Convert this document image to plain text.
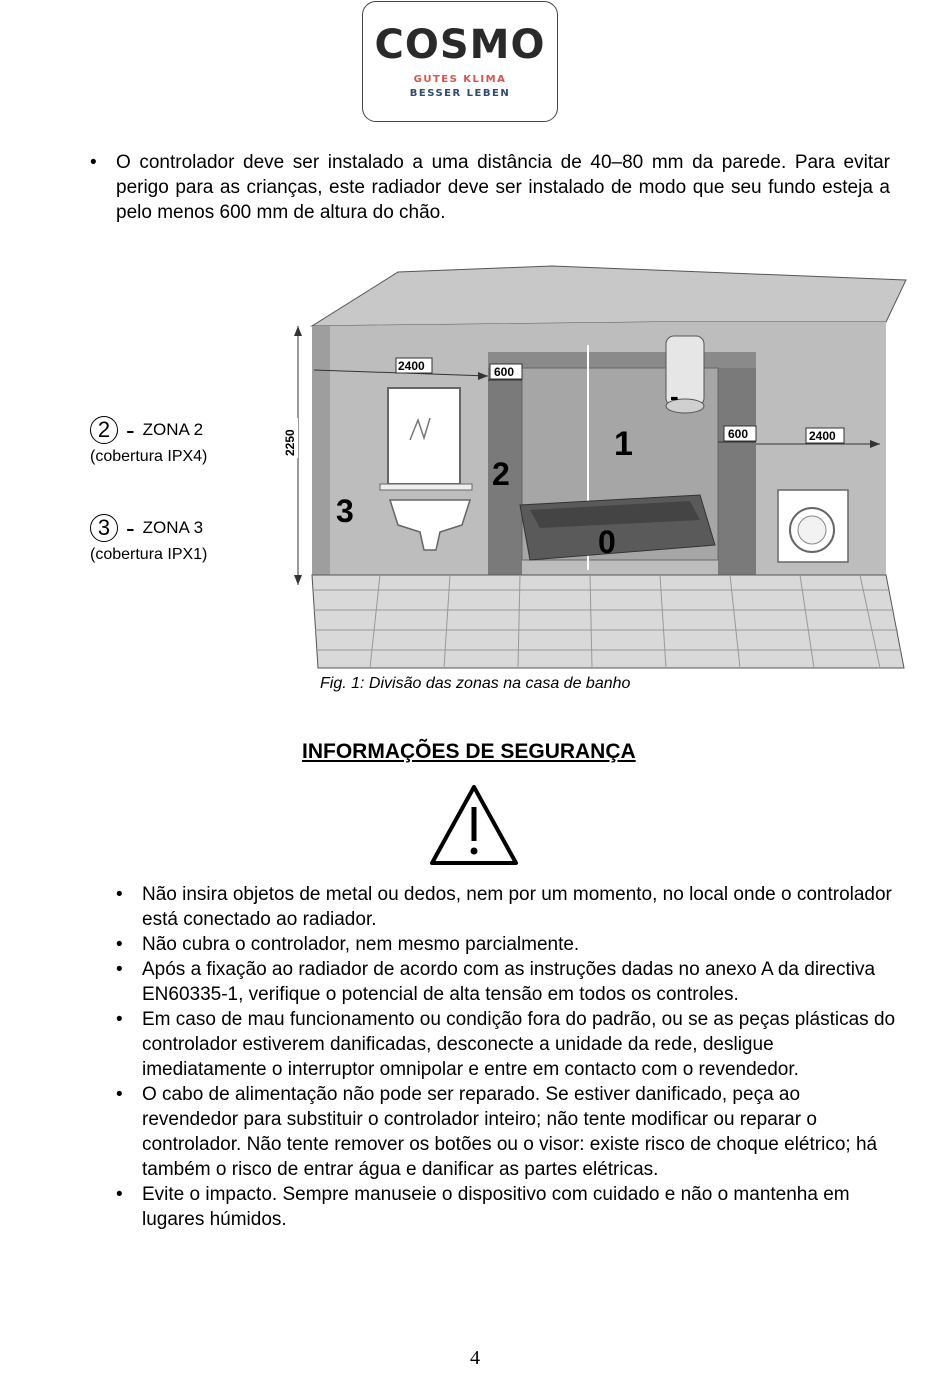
COSMO
GUTES KLIMA
BESSER LEBEN
• O controlador deve ser instalado a uma distância de 40–80 mm da parede. Para evitar perigo para as crianças, este radiador deve ser instalado de modo que seu fundo esteja a pelo menos 600 mm de altura do chão.
2 - ZONA 2
(cobertura IPX4)
3 - ZONA 3
(cobertura IPX1)
2250
2400	600
600	2400
3
2
1
0
-
Fig. 1: Divisão das zonas na casa de banho
INFORMAÇÕES DE SEGURANÇA
• Não insira objetos de metal ou dedos, nem por um momento, no local onde o controlador está conectado ao radiador.
• Não cubra o controlador, nem mesmo parcialmente.
• Após a fixação ao radiador de acordo com as instruções dadas no anexo A da directiva EN60335-1, verifique o potencial de alta tensão em todos os controles.
• Em caso de mau funcionamento ou condição fora do padrão, ou se as peças plásticas do controlador estiverem danificadas, desconecte a unidade da rede, desligue imediatamente o interruptor omnipolar e entre em contacto com o revendedor.
• O cabo de alimentação não pode ser reparado. Se estiver danificado, peça ao revendedor para substituir o controlador inteiro; não tente modificar ou reparar o controlador. Não tente remover os botões ou o visor: existe risco de choque elétrico; há também o risco de entrar água e danificar as partes elétricas.
• Evite o impacto. Sempre manuseie o dispositivo com cuidado e não o mantenha em lugares húmidos.
4
